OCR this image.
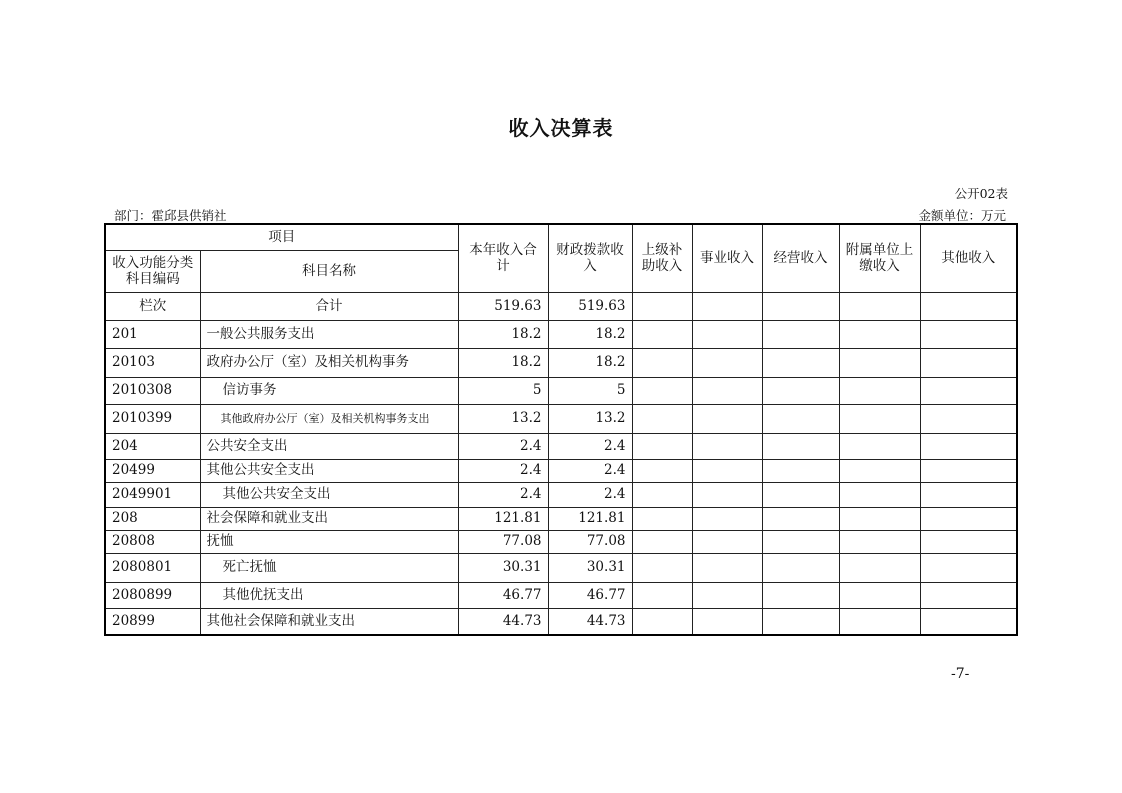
收入决算表
公开02表
部门：霍邱县供销社	金额单位：万元
项目		本年收入合计	财政拨款收入	上级补助收入	事业收入	经营收入	附属单位上缴收入	其他收入
收入功能分类科目编码	科目名称							
栏次	合计	519.63	519.63					
201	一般公共服务支出	18.2	18.2					
20103	政府办公厅（室）及相关机构事务	18.2	18.2					
2010308	信访事务	5	5					
2010399	其他政府办公厅（室）及相关机构事务支出	13.2	13.2					
204	公共安全支出	2.4	2.4					
20499	其他公共安全支出	2.4	2.4					
2049901	其他公共安全支出	2.4	2.4					
208	社会保障和就业支出	121.81	121.81					
20808	抚恤	77.08	77.08					
2080801	死亡抚恤	30.31	30.31					
2080899	其他优抚支出	46.77	46.77					
20899	其他社会保障和就业支出	44.73	44.73					
-7-
